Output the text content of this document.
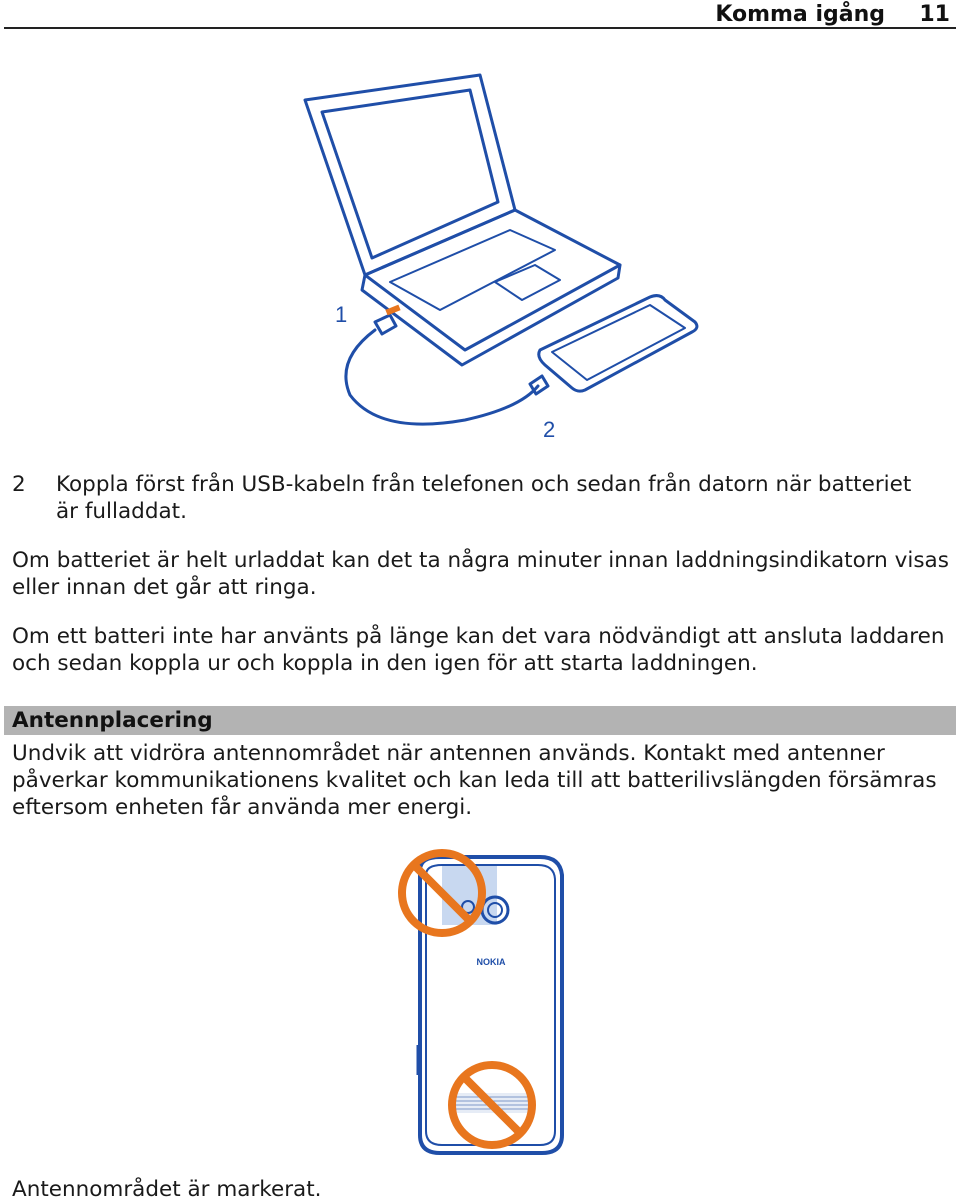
Komma igång 11
1
2
2 Koppla först från USB-kabeln från telefonen och sedan från datorn när batteriet
är fulladdat.
Om batteriet är helt urladdat kan det ta några minuter innan laddningsindikatorn visas
eller innan det går att ringa.
Om ett batteri inte har använts på länge kan det vara nödvändigt att ansluta laddaren
och sedan koppla ur och koppla in den igen för att starta laddningen.
Antennplacering
Undvik att vidröra antennområdet när antennen används. Kontakt med antenner
påverkar kommunikationens kvalitet och kan leda till att batterilivslängden försämras
eftersom enheten får använda mer energi.
NOKIA
Antennområdet är markerat.
